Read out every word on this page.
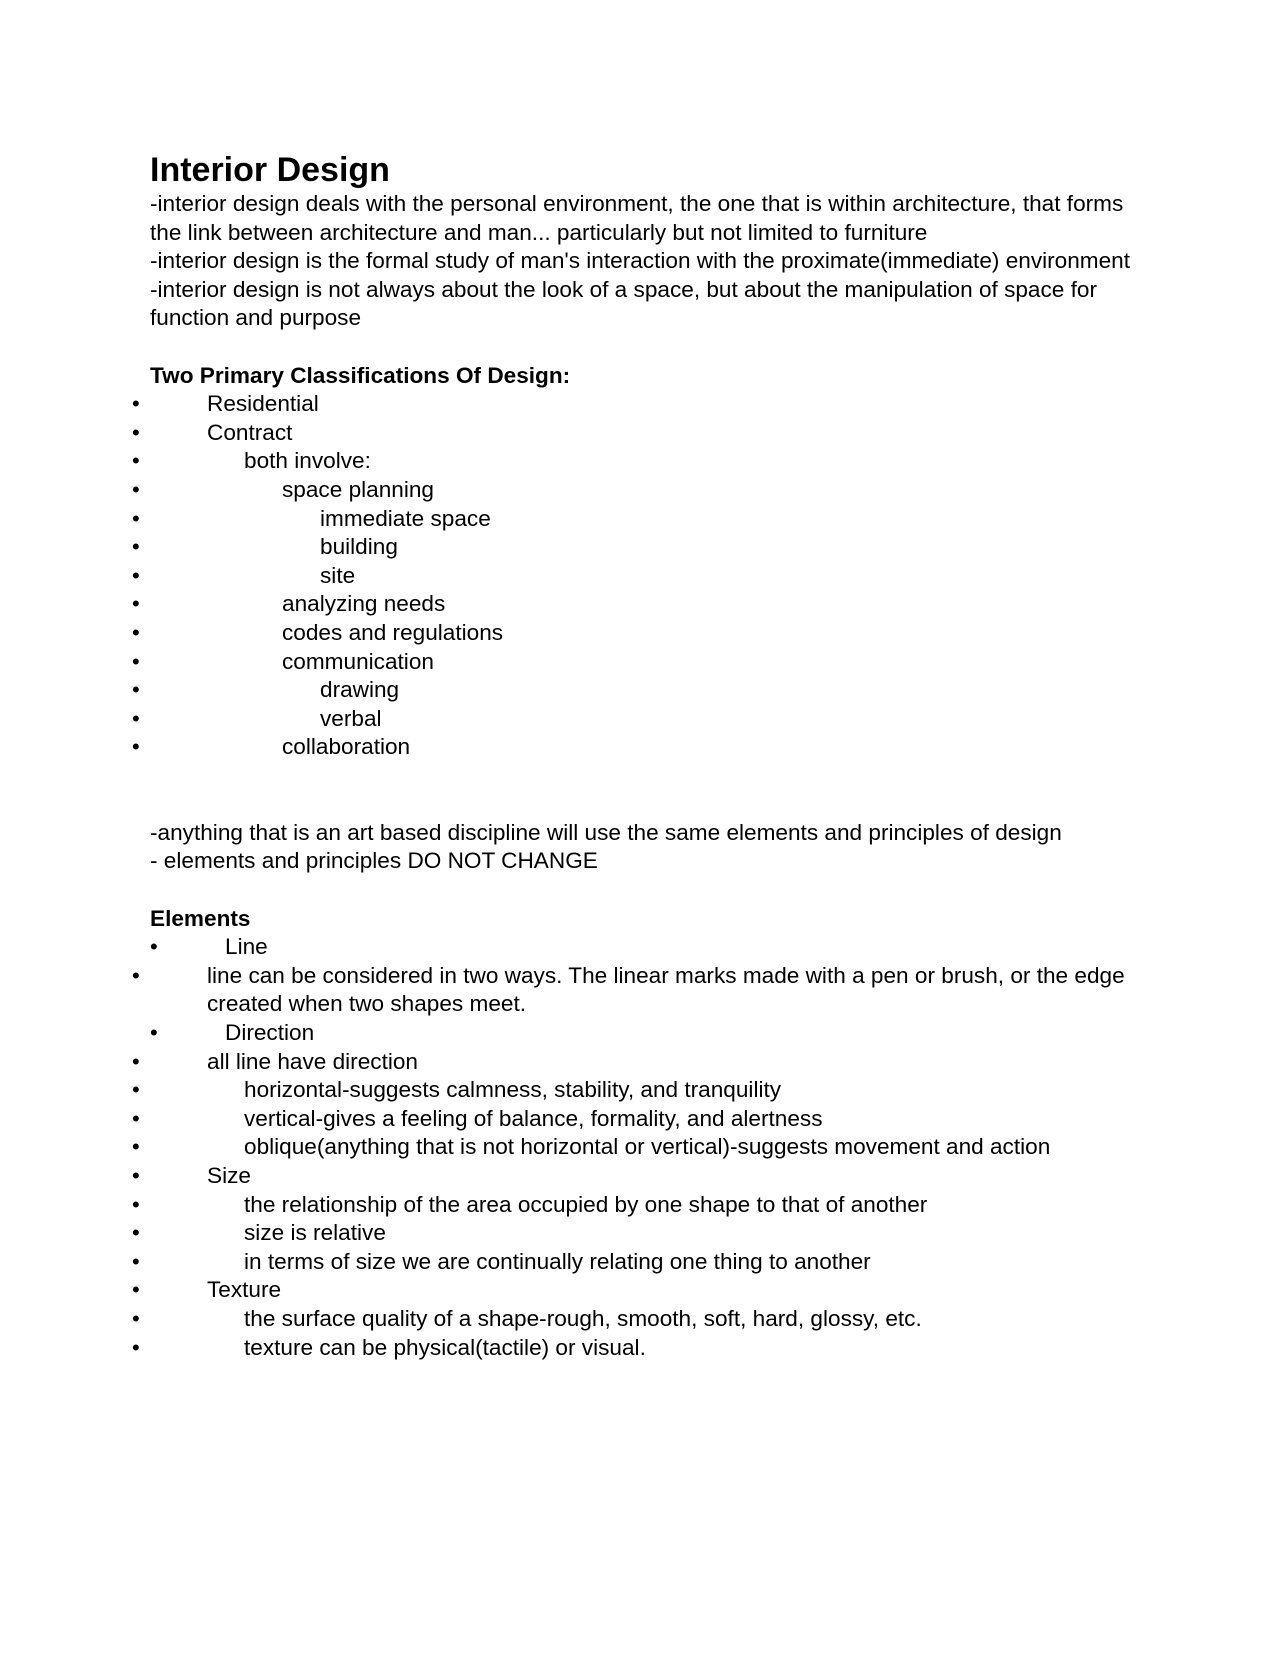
Interior Design

-interior design deals with the personal environment, the one that is within architecture, that forms the link between architecture and man... particularly but not limited to furniture

-interior design is the formal study of man's interaction with the proximate(immediate) environment

-interior design is not always about the look of a space, but about the manipulation of space for function and purpose

Two Primary Classifications Of Design:

•	Residential
•	Contract
•	both involve:
•	space planning
•	immediate space
•	building
•	site
•	analyzing needs
•	codes and regulations
•	communication
•	drawing
•	verbal
•	collaboration

-anything that is an art based discipline will use the same elements and principles of design

- elements and principles DO NOT CHANGE

Elements

•	Line
•	line can be considered in two ways. The linear marks made with a pen or brush, or the edge created when two shapes meet.
•	Direction
•	all line have direction
•	horizontal-suggests calmness, stability, and tranquility
•	vertical-gives a feeling of balance, formality, and alertness
•	oblique(anything that is not horizontal or vertical)-suggests movement and action
•	Size
•	the relationship of the area occupied by one shape to that of another
•	size is relative
•	in terms of size we are continually relating one thing to another
•	Texture
•	the surface quality of a shape-rough, smooth, soft, hard, glossy, etc.
•	texture can be physical(tactile) or visual.
